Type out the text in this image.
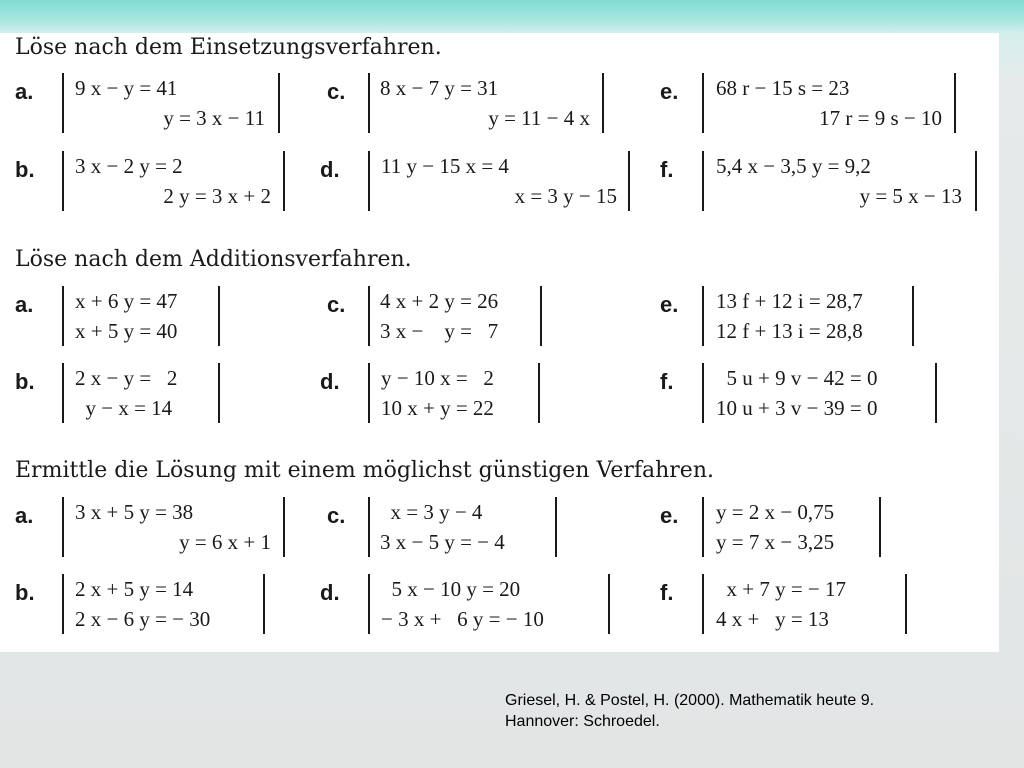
Löse nach dem Einsetzungsverfahren.
a. 9 x − y = 41
y = 3 x − 11
c. 8 x − 7 y = 31
y = 11 − 4 x
e. 68 r − 15 s = 23
17 r = 9 s − 10
b. 3 x − 2 y = 2
2 y = 3 x + 2
d. 11 y − 15 x = 4
x = 3 y − 15
f. 5,4 x − 3,5 y = 9,2
y = 5 x − 13
Löse nach dem Additionsverfahren.
a. x + 6 y = 47
x + 5 y = 40
c. 4 x + 2 y = 26
3 x −    y =   7
e. 13 f + 12 i = 28,7
12 f + 13 i = 28,8
b. 2 x − y =   2
y − x = 14
d. y − 10 x =   2
10 x + y = 22
f. 5 u + 9 v − 42 = 0
10 u + 3 v − 39 = 0
Ermittle die Lösung mit einem möglichst günstigen Verfahren.
a. 3 x + 5 y = 38
y = 6 x + 1
c. x = 3 y − 4
3 x − 5 y = − 4
e. y = 2 x − 0,75
y = 7 x − 3,25
b. 2 x + 5 y = 14
2 x − 6 y = − 30
d. 5 x − 10 y = 20
− 3 x +   6 y = − 10
f. x + 7 y = − 17
4 x +   y = 13
Griesel, H. & Postel, H. (2000). Mathematik heute 9.
Hannover: Schroedel.
